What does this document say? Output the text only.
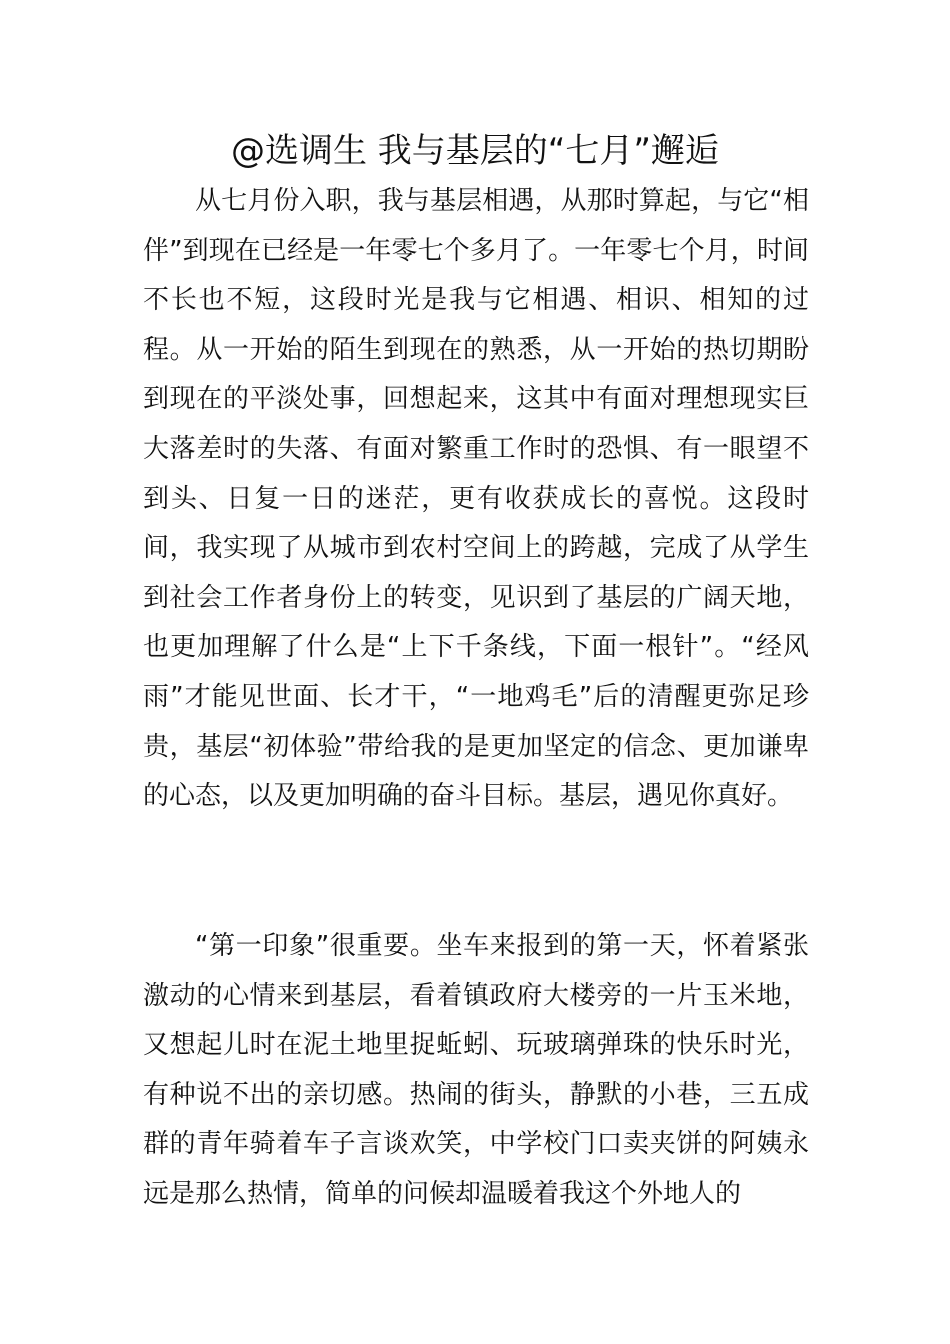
@选调生 我与基层的“七月”邂逅

从七月份入职，我与基层相遇，从那时算起，与它“相伴”到现在已经是一年零七个多月了。一年零七个月，时间不长也不短，这段时光是我与它相遇、相识、相知的过程。从一开始的陌生到现在的熟悉，从一开始的热切期盼到现在的平淡处事，回想起来，这其中有面对理想现实巨大落差时的失落、有面对繁重工作时的恐惧、有一眼望不到头、日复一日的迷茫，更有收获成长的喜悦。这段时间，我实现了从城市到农村空间上的跨越，完成了从学生到社会工作者身份上的转变，见识到了基层的广阔天地，也更加理解了什么是“上下千条线，下面一根针”。“经风雨”才能见世面、长才干，“一地鸡毛”后的清醒更弥足珍贵，基层“初体验”带给我的是更加坚定的信念、更加谦卑的心态，以及更加明确的奋斗目标。基层，遇见你真好。

“第一印象”很重要。坐车来报到的第一天，怀着紧张激动的心情来到基层，看着镇政府大楼旁的一片玉米地，又想起儿时在泥土地里捉蚯蚓、玩玻璃弹珠的快乐时光，有种说不出的亲切感。热闹的街头，静默的小巷，三五成群的青年骑着车子言谈欢笑，中学校门口卖夹饼的阿姨永远是那么热情，简单的问候却温暖着我这个外地人的
